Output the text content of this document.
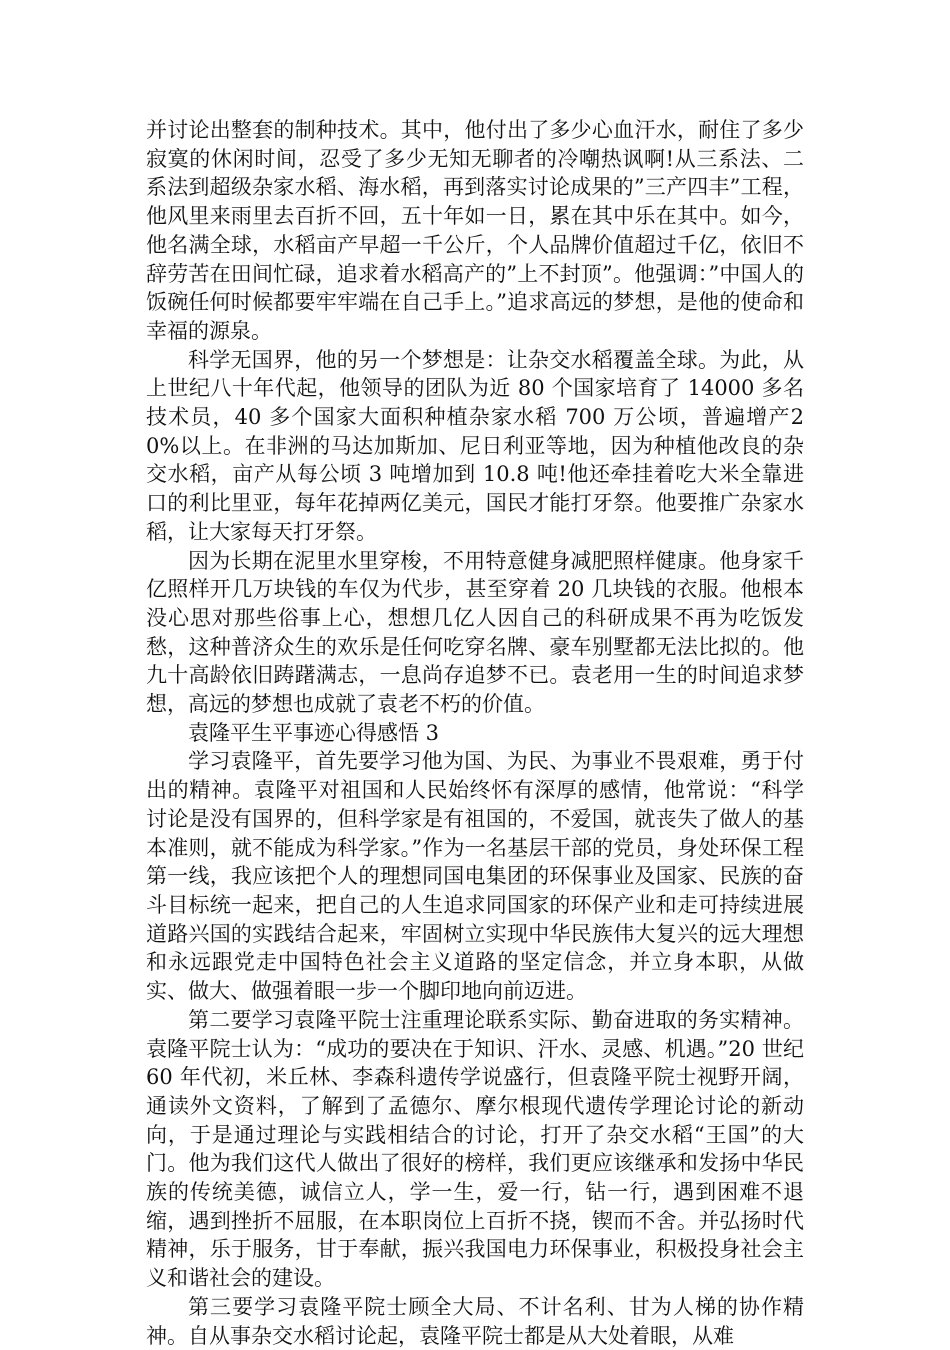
并讨论出整套的制种技术。其中，他付出了多少心血汗水，耐住了多少寂寞的休闲时间，忍受了多少无知无聊者的冷嘲热讽啊!从三系法、二系法到超级杂家水稻、海水稻，再到落实讨论成果的”三产四丰”工程，他风里来雨里去百折不回，五十年如一日，累在其中乐在其中。如今，他名满全球，水稻亩产早超一千公斤，个人品牌价值超过千亿，依旧不辞劳苦在田间忙碌，追求着水稻高产的”上不封顶”。他强调：”中国人的饭碗任何时候都要牢牢端在自己手上。”追求高远的梦想，是他的使命和幸福的源泉。

科学无国界，他的另一个梦想是：让杂交水稻覆盖全球。为此，从上世纪八十年代起，他领导的团队为近 80 个国家培育了 14000 多名技术员，40 多个国家大面积种植杂家水稻 700 万公顷，普遍增产20%以上。在非洲的马达加斯加、尼日利亚等地，因为种植他改良的杂交水稻，亩产从每公顷 3 吨增加到 10.8 吨!他还牵挂着吃大米全靠进口的利比里亚，每年花掉两亿美元，国民才能打牙祭。他要推广杂家水稻，让大家每天打牙祭。

因为长期在泥里水里穿梭，不用特意健身减肥照样健康。他身家千亿照样开几万块钱的车仅为代步，甚至穿着 20 几块钱的衣服。他根本没心思对那些俗事上心，想想几亿人因自己的科研成果不再为吃饭发愁，这种普济众生的欢乐是任何吃穿名牌、豪车别墅都无法比拟的。他九十高龄依旧踌躇满志，一息尚存追梦不已。袁老用一生的时间追求梦想，高远的梦想也成就了袁老不朽的价值。

袁隆平生平事迹心得感悟 3

学习袁隆平，首先要学习他为国、为民、为事业不畏艰难，勇于付出的精神。袁隆平对祖国和人民始终怀有深厚的感情，他常说：“科学讨论是没有国界的，但科学家是有祖国的，不爱国，就丧失了做人的基本准则，就不能成为科学家。”作为一名基层干部的党员，身处环保工程第一线，我应该把个人的理想同国电集团的环保事业及国家、民族的奋斗目标统一起来，把自己的人生追求同国家的环保产业和走可持续进展道路兴国的实践结合起来，牢固树立实现中华民族伟大复兴的远大理想和永远跟党走中国特色社会主义道路的坚定信念，并立身本职，从做实、做大、做强着眼一步一个脚印地向前迈进。

第二要学习袁隆平院士注重理论联系实际、勤奋进取的务实精神。袁隆平院士认为：“成功的要决在于知识、汗水、灵感、机遇。”20 世纪 60 年代初，米丘林、李森科遗传学说盛行，但袁隆平院士视野开阔，通读外文资料，了解到了孟德尔、摩尔根现代遗传学理论讨论的新动向，于是通过理论与实践相结合的讨论，打开了杂交水稻“王国”的大门。他为我们这代人做出了很好的榜样，我们更应该继承和发扬中华民族的传统美德，诚信立人，学一生，爱一行，钻一行，遇到困难不退缩，遇到挫折不屈服，在本职岗位上百折不挠，锲而不舍。并弘扬时代精神，乐于服务，甘于奉献，振兴我国电力环保事业，积极投身社会主义和谐社会的建设。

第三要学习袁隆平院士顾全大局、不计名利、甘为人梯的协作精神。自从事杂交水稻讨论起，袁隆平院士都是从大处着眼，从难
